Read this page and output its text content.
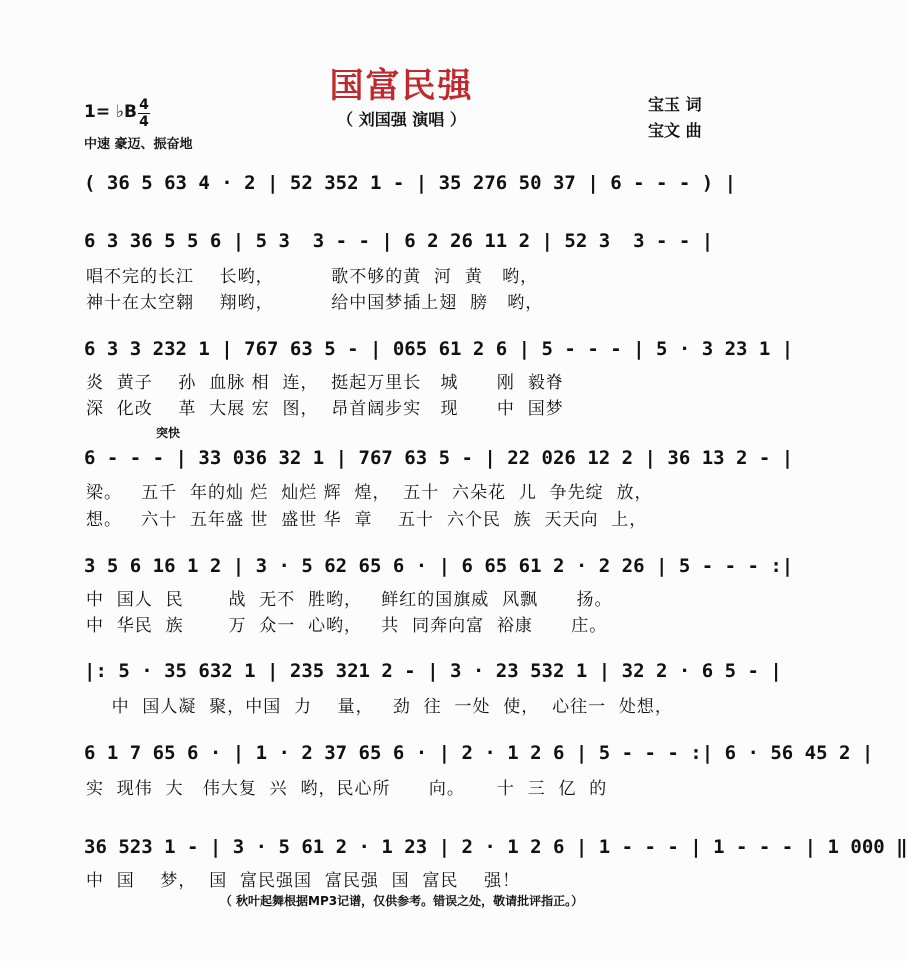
国富民强
（ 刘国强 演唱 ）
宝玉 词
宝文 曲
1= ♭B 4
4
中速 豪迈、振奋地
( 36 5 63 4 · 2 | 52 352 1 - | 35 276 50 37 | 6 - - - ) |
6 3 36 5 5 6 | 5 3  3 - - | 6 2 26 11 2 | 52 3  3 - - |
唱不完的长江    长哟，         歌不够的黄  河  黄   哟，
神十在太空翱    翔哟，         给中国梦插上翅  膀   哟，
6 3 3 232 1 | 767 63 5 - | 065 61 2 6 | 5 - - - | 5 · 3 23 1 |
炎  黄子    孙  血脉 相  连，  挺起万里长   城      刚  毅脊
深  化改    革  大展 宏  图，  昂首阔步实   现      中  国梦
突快
6 - - - | 33 036 32 1 | 767 63 5 - | 22 026 12 2 | 36 13 2 - |
梁。   五千  年的灿 烂  灿烂 辉  煌，  五十  六朵花  儿  争先绽  放，
想。   六十  五年盛 世  盛世 华  章    五十  六个民  族  天天向  上，
3 5 6 16 1 2 | 3 · 5 62 65 6 · | 6 65 61 2 · 2 26 | 5 - - - :|
中  国人  民       战  无不  胜哟，   鲜红的国旗威  风飘      扬。
中  华民  族       万  众一  心哟，   共  同奔向富  裕康      庄。
|: 5 · 35 632 1 | 235 321 2 - | 3 · 23 532 1 | 32 2 · 6 5 - |
中  国人凝  聚，中国  力    量，   劲  往  一处  使，  心往一  处想，
6 1 7 65 6 · | 1 · 2 37 65 6 · | 2 · 1 2 6 | 5 - - - :| 6 · 56 45 2 |
实  现伟  大   伟大复  兴  哟，民心所      向。     十  三  亿  的
36 523 1 - | 3 · 5 61 2 · 1 23 | 2 · 1 2 6 | 1 - - - | 1 - - - | 1 000 ‖
中  国    梦，  国  富民强国  富民强  国  富民    强！
（ 秋叶起舞根据MP3记谱，仅供参考。错误之处，敬请批评指正。）
